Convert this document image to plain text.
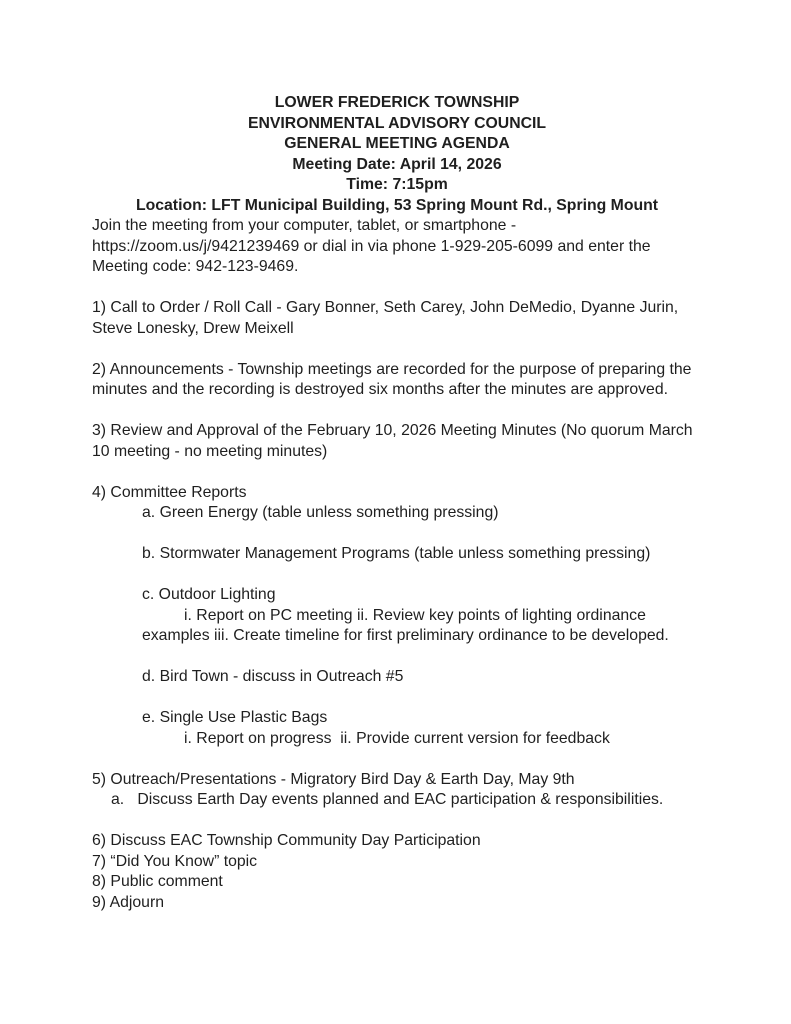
LOWER FREDERICK TOWNSHIP
ENVIRONMENTAL ADVISORY COUNCIL
GENERAL MEETING AGENDA
Meeting Date: April 14, 2026
Time: 7:15pm
Location: LFT Municipal Building, 53 Spring Mount Rd., Spring Mount
Join the meeting from your computer, tablet, or smartphone -
https://zoom.us/j/9421239469 or dial in via phone 1-929-205-6099 and enter the
Meeting code: 942-123-9469.
1) Call to Order / Roll Call - Gary Bonner, Seth Carey, John DeMedio, Dyanne Jurin,
Steve Lonesky, Drew Meixell
2) Announcements - Township meetings are recorded for the purpose of preparing the
minutes and the recording is destroyed six months after the minutes are approved.
3) Review and Approval of the February 10, 2026 Meeting Minutes (No quorum March
10 meeting - no meeting minutes)
4) Committee Reports
a. Green Energy (table unless something pressing)
b. Stormwater Management Programs (table unless something pressing)
c. Outdoor Lighting
i. Report on PC meeting ii. Review key points of lighting ordinance
examples iii. Create timeline for first preliminary ordinance to be developed.
d. Bird Town - discuss in Outreach #5
e. Single Use Plastic Bags
i. Report on progress  ii. Provide current version for feedback
5) Outreach/Presentations - Migratory Bird Day & Earth Day, May 9th
a.   Discuss Earth Day events planned and EAC participation & responsibilities.
6) Discuss EAC Township Community Day Participation
7) “Did You Know” topic
8) Public comment
9) Adjourn
